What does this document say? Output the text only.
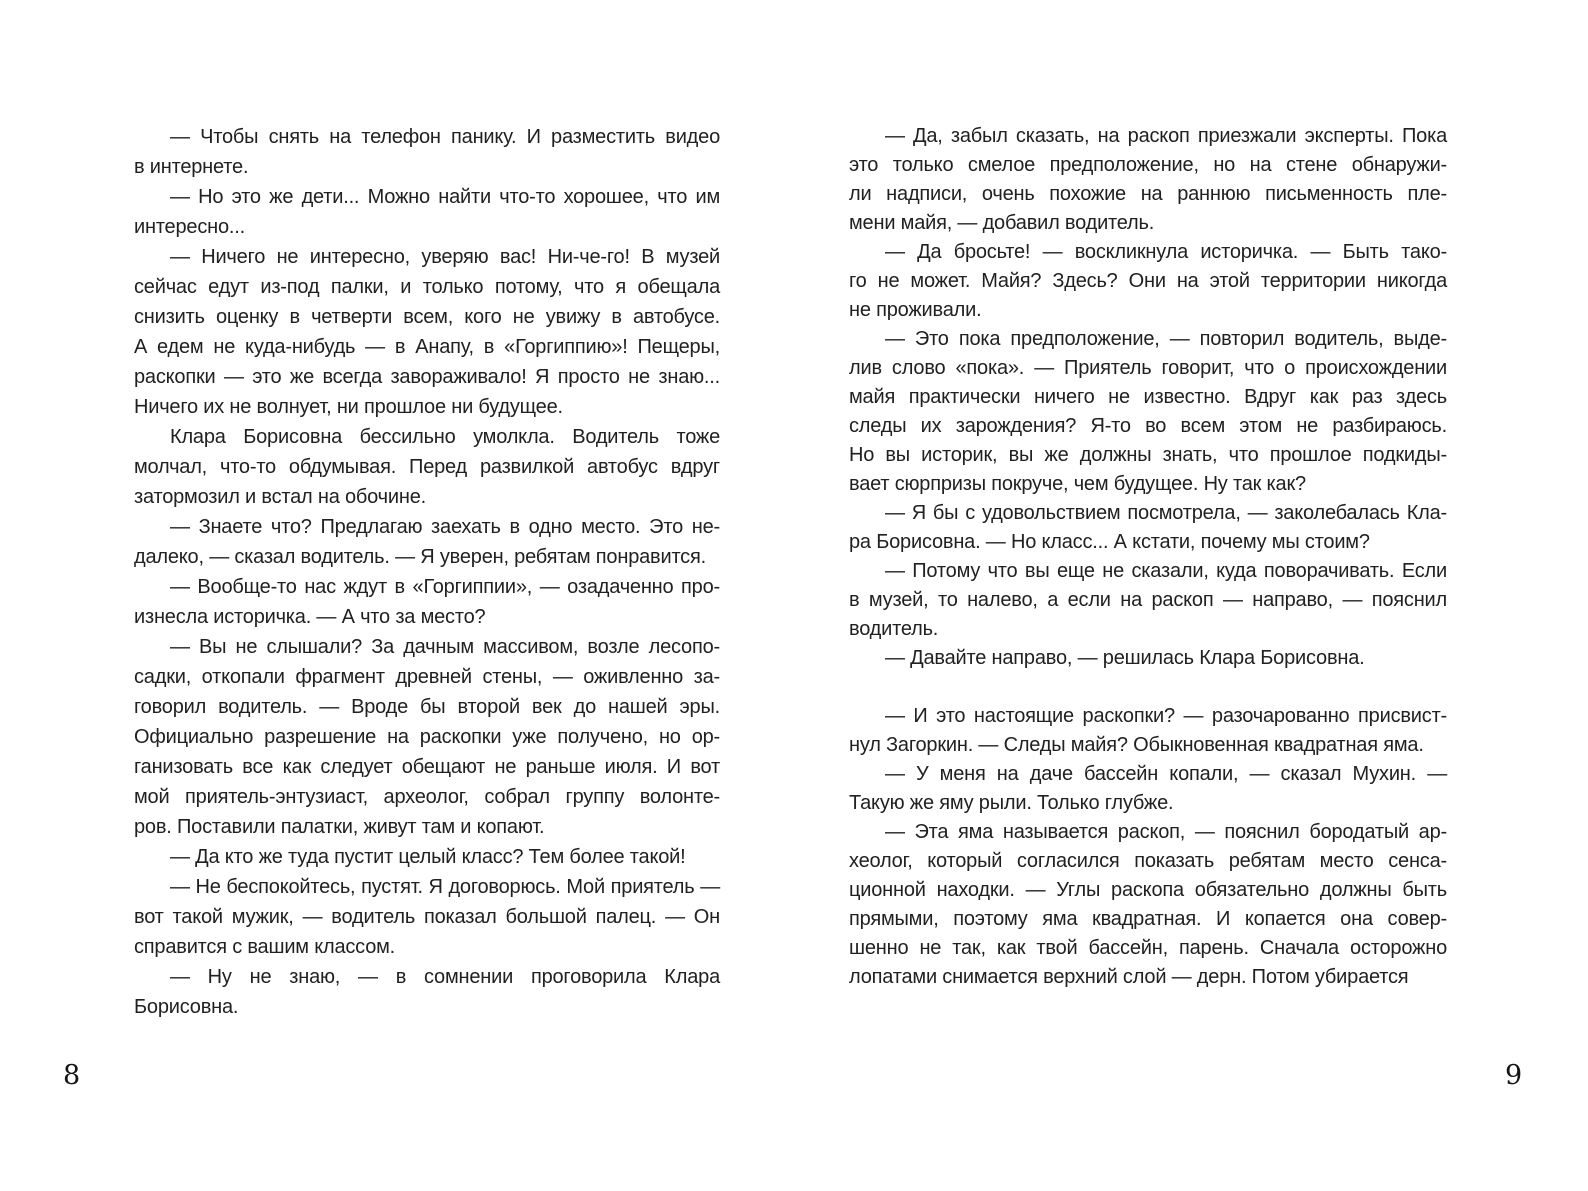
— Чтобы снять на телефон панику. И разместить видео
в интернете.
— Но это же дети... Можно найти что-то хорошее, что им
интересно...
— Ничего не интересно, уверяю вас! Ни-че-го! В музей
сейчас едут из-под палки, и только потому, что я обещала
снизить оценку в четверти всем, кого не увижу в автобусе.
А едем не куда-нибудь — в Анапу, в «Горгиппию»! Пещеры,
раскопки — это же всегда завораживало! Я просто не знаю...
Ничего их не волнует, ни прошлое ни будущее.
Клара Борисовна бессильно умолкла. Водитель тоже
молчал, что-то обдумывая. Перед развилкой автобус вдруг
затормозил и встал на обочине.
— Знаете что? Предлагаю заехать в одно место. Это не-
далеко, — сказал водитель. — Я уверен, ребятам понравится.
— Вообще-то нас ждут в «Горгиппии», — озадаченно про-
изнесла историчка. — А что за место?
— Вы не слышали? За дачным массивом, возле лесопо-
садки, откопали фрагмент древней стены, — оживленно за-
говорил водитель. — Вроде бы второй век до нашей эры.
Официально разрешение на раскопки уже получено, но ор-
ганизовать все как следует обещают не раньше июля. И вот
мой приятель-энтузиаст, археолог, собрал группу волонте-
ров. Поставили палатки, живут там и копают.
— Да кто же туда пустит целый класс? Тем более такой!
— Не беспокойтесь, пустят. Я договорюсь. Мой приятель —
вот такой мужик, — водитель показал большой палец. — Он
справится с вашим классом.
— Ну не знаю, — в сомнении проговорила Клара Борисовна.
— Да, забыл сказать, на раскоп приезжали эксперты. Пока
это только смелое предположение, но на стене обнаружи-
ли надписи, очень похожие на раннюю письменность пле-
мени майя, — добавил водитель.
— Да бросьте! — воскликнула историчка. — Быть тако-
го не может. Майя? Здесь? Они на этой территории никогда
не проживали.
— Это пока предположение, — повторил водитель, выде-
лив слово «пока». — Приятель говорит, что о происхождении
майя практически ничего не известно. Вдруг как раз здесь
следы их зарождения? Я-то во всем этом не разбираюсь.
Но вы историк, вы же должны знать, что прошлое подкиды-
вает сюрпризы покруче, чем будущее. Ну так как?
— Я бы с удовольствием посмотрела, — заколебалась Кла-
ра Борисовна. — Но класс... А кстати, почему мы стоим?
— Потому что вы еще не сказали, куда поворачивать. Если
в музей, то налево, а если на раскоп — направо, — пояснил
водитель.
— Давайте направо, — решилась Клара Борисовна.
— И это настоящие раскопки? — разочарованно присвист-
нул Загоркин. — Следы майя? Обыкновенная квадратная яма.
— У меня на даче бассейн копали, — сказал Мухин. —
Такую же яму рыли. Только глубже.
— Эта яма называется раскоп, — пояснил бородатый ар-
хеолог, который согласился показать ребятам место сенса-
ционной находки. — Углы раскопа обязательно должны быть
прямыми, поэтому яма квадратная. И копается она совер-
шенно не так, как твой бассейн, парень. Сначала осторожно
лопатами снимается верхний слой — дерн. Потом убирается
8	9
